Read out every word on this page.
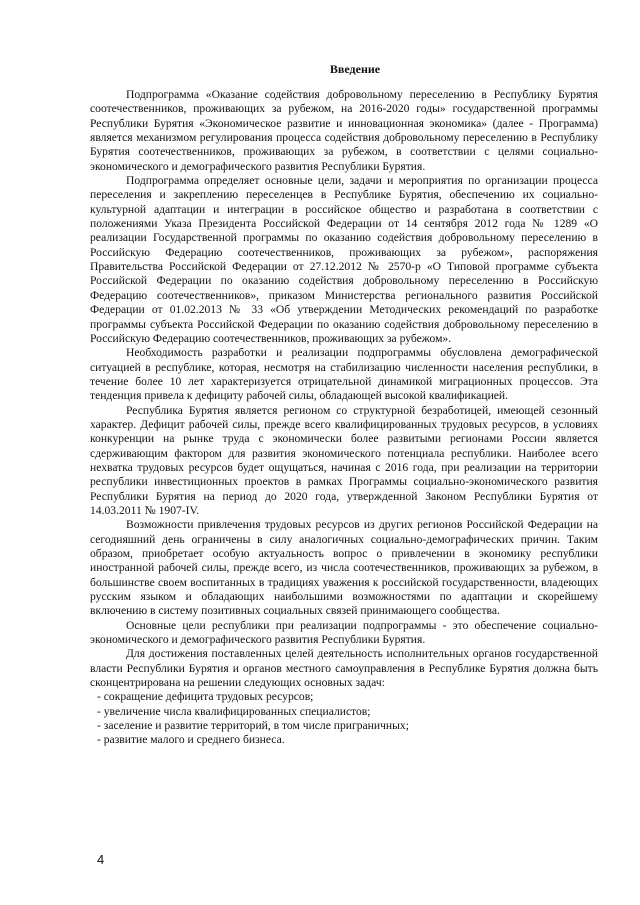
Введение

Подпрограмма «Оказание содействия добровольному переселению в Республику Бурятия соотечественников, проживающих за рубежом, на 2016-2020 годы» государственной программы Республики Бурятия «Экономическое развитие и инновационная экономика» (далее - Программа) является механизмом регулирования процесса содействия добровольному переселению в Республику Бурятия соотечественников, проживающих за рубежом, в соответствии с целями социально-экономического и демографического развития Республики Бурятия.

Подпрограмма определяет основные цели, задачи и мероприятия по организации процесса переселения и закреплению переселенцев в Республике Бурятия, обеспечению их социально-культурной адаптации и интеграции в российское общество и разработана в соответствии с положениями Указа Президента Российской Федерации от 14 сентября 2012 года № 1289 «О реализации Государственной программы по оказанию содействия добровольному переселению в Российскую Федерацию соотечественников, проживающих за рубежом», распоряжения Правительства Российской Федерации от 27.12.2012 № 2570-р «О Типовой программе субъекта Российской Федерации по оказанию содействия добровольному переселению в Российскую Федерацию соотечественников», приказом Министерства регионального развития Российской Федерации от 01.02.2013 № 33 «Об утверждении Методических рекомендаций по разработке программы субъекта Российской Федерации по оказанию содействия добровольному переселению в Российскую Федерацию соотечественников, проживающих за рубежом».

Необходимость разработки и реализации подпрограммы обусловлена демографической ситуацией в республике, которая, несмотря на стабилизацию численности населения республики, в течение более 10 лет характеризуется отрицательной динамикой миграционных процессов. Эта тенденция привела к дефициту рабочей силы, обладающей высокой квалификацией.

Республика Бурятия является регионом со структурной безработицей, имеющей сезонный характер. Дефицит рабочей силы, прежде всего квалифицированных трудовых ресурсов, в условиях конкуренции на рынке труда с экономически более развитыми регионами России является сдерживающим фактором для развития экономического потенциала республики. Наиболее всего нехватка трудовых ресурсов будет ощущаться, начиная с 2016 года, при реализации на территории республики инвестиционных проектов в рамках Программы социально-экономического развития Республики Бурятия на период до 2020 года, утвержденной Законом Республики Бурятия от 14.03.2011 № 1907-IV.

Возможности привлечения трудовых ресурсов из других регионов Российской Федерации на сегодняшний день ограничены в силу аналогичных социально-демографических причин. Таким образом, приобретает особую актуальность вопрос о привлечении в экономику республики иностранной рабочей силы, прежде всего, из числа соотечественников, проживающих за рубежом, в большинстве своем воспитанных в традициях уважения к российской государственности, владеющих русским языком и обладающих наибольшими возможностями по адаптации и скорейшему включению в систему позитивных социальных связей принимающего сообщества.

Основные цели республики при реализации подпрограммы - это обеспечение социально-экономического и демографического развития Республики Бурятия.

Для достижения поставленных целей деятельность исполнительных органов государственной власти Республики Бурятия и органов местного самоуправления в Республике Бурятия должна быть сконцентрирована на решении следующих основных задач:

- сокращение дефицита трудовых ресурсов;
- увеличение числа квалифицированных специалистов;
- заселение и развитие территорий, в том числе приграничных;
- развитие малого и среднего бизнеса.
4
